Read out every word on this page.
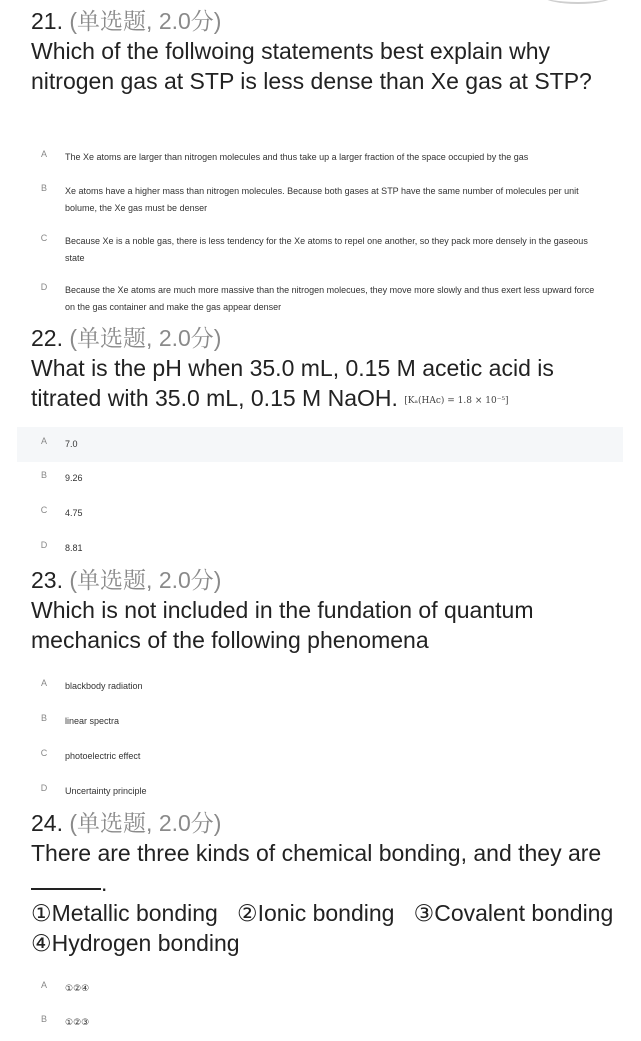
21. (单选题, 2.0分)
Which of the follwoing statements best explain why nitrogen gas at STP is less dense than Xe gas at STP?
A The Xe atoms are larger than nitrogen molecules and thus take up a larger fraction of the space occupied by the gas
B Xe atoms have a higher mass than nitrogen molecules. Because both gases at STP have the same number of molecules per unit bolume, the Xe gas must be denser
C Because Xe is a noble gas, there is less tendency for the Xe atoms to repel one another, so they pack more densely in the gaseous state
D Because the Xe atoms are much more massive than the nitrogen molecues, they move more slowly and thus exert less upward force on the gas container and make the gas appear denser
22. (单选题, 2.0分)
What is the pH when 35.0 mL, 0.15 M acetic acid is titrated with 35.0 mL, 0.15 M NaOH. [Kₐ(HAc) = 1.8 × 10⁻⁵]
A 7.0
B 9.26
C 4.75
D 8.81
23. (单选题, 2.0分)
Which is not included in the fundation of quantum mechanics of the following phenomena
A blackbody radiation
B linear spectra
C photoelectric effect
D Uncertainty principle
24. (单选题, 2.0分)
There are three kinds of chemical bonding, and they are .
①Metallic bonding   ②Ionic bonding   ③Covalent bonding   ④Hydrogen bonding
A ①②④
B ①②③
